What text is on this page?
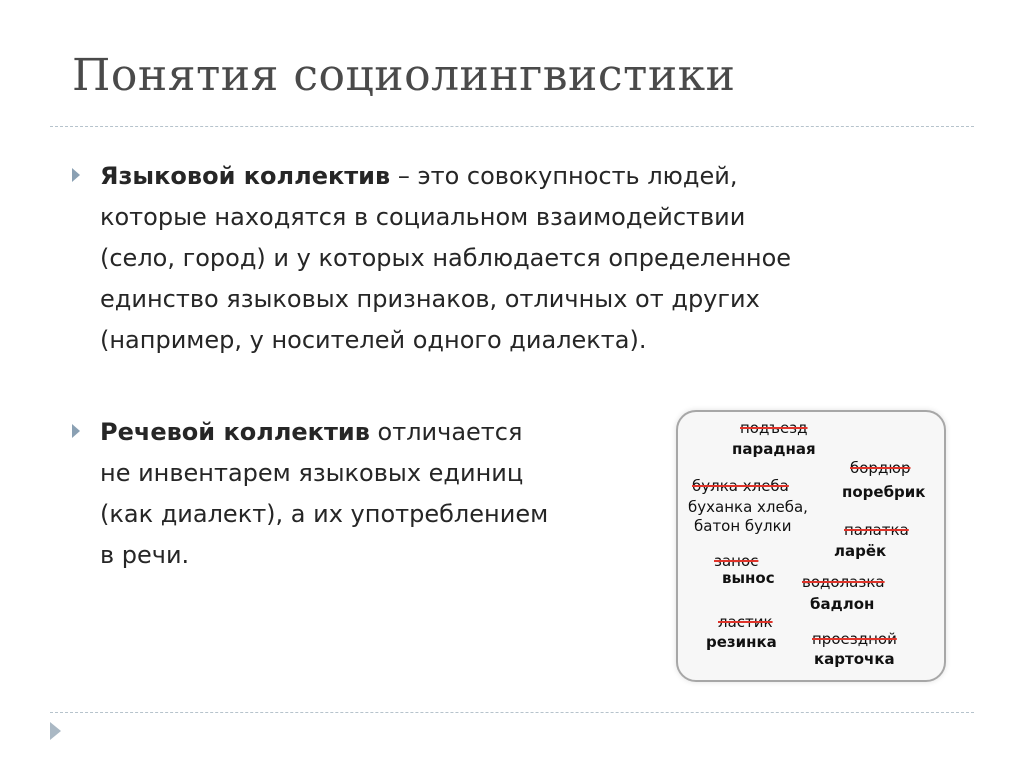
Понятия социолингвистики

Языковой коллектив – это совокупность людей,
которые находятся в социальном взаимодействии
(село, город) и у которых наблюдается определенное
единство языковых признаков, отличных от других
(например, у носителей одного диалекта).

Речевой коллектив отличается
не инвентарем языковых единиц
(как диалект), а их употреблением
в речи.

подъезд
парадная
бордюр
поребрик
булка хлеба
буханка хлеба,
батон булки	палатка
ларёк
занос
вынос водолазка
бадлон
ластик
резинка проездной
карточка
